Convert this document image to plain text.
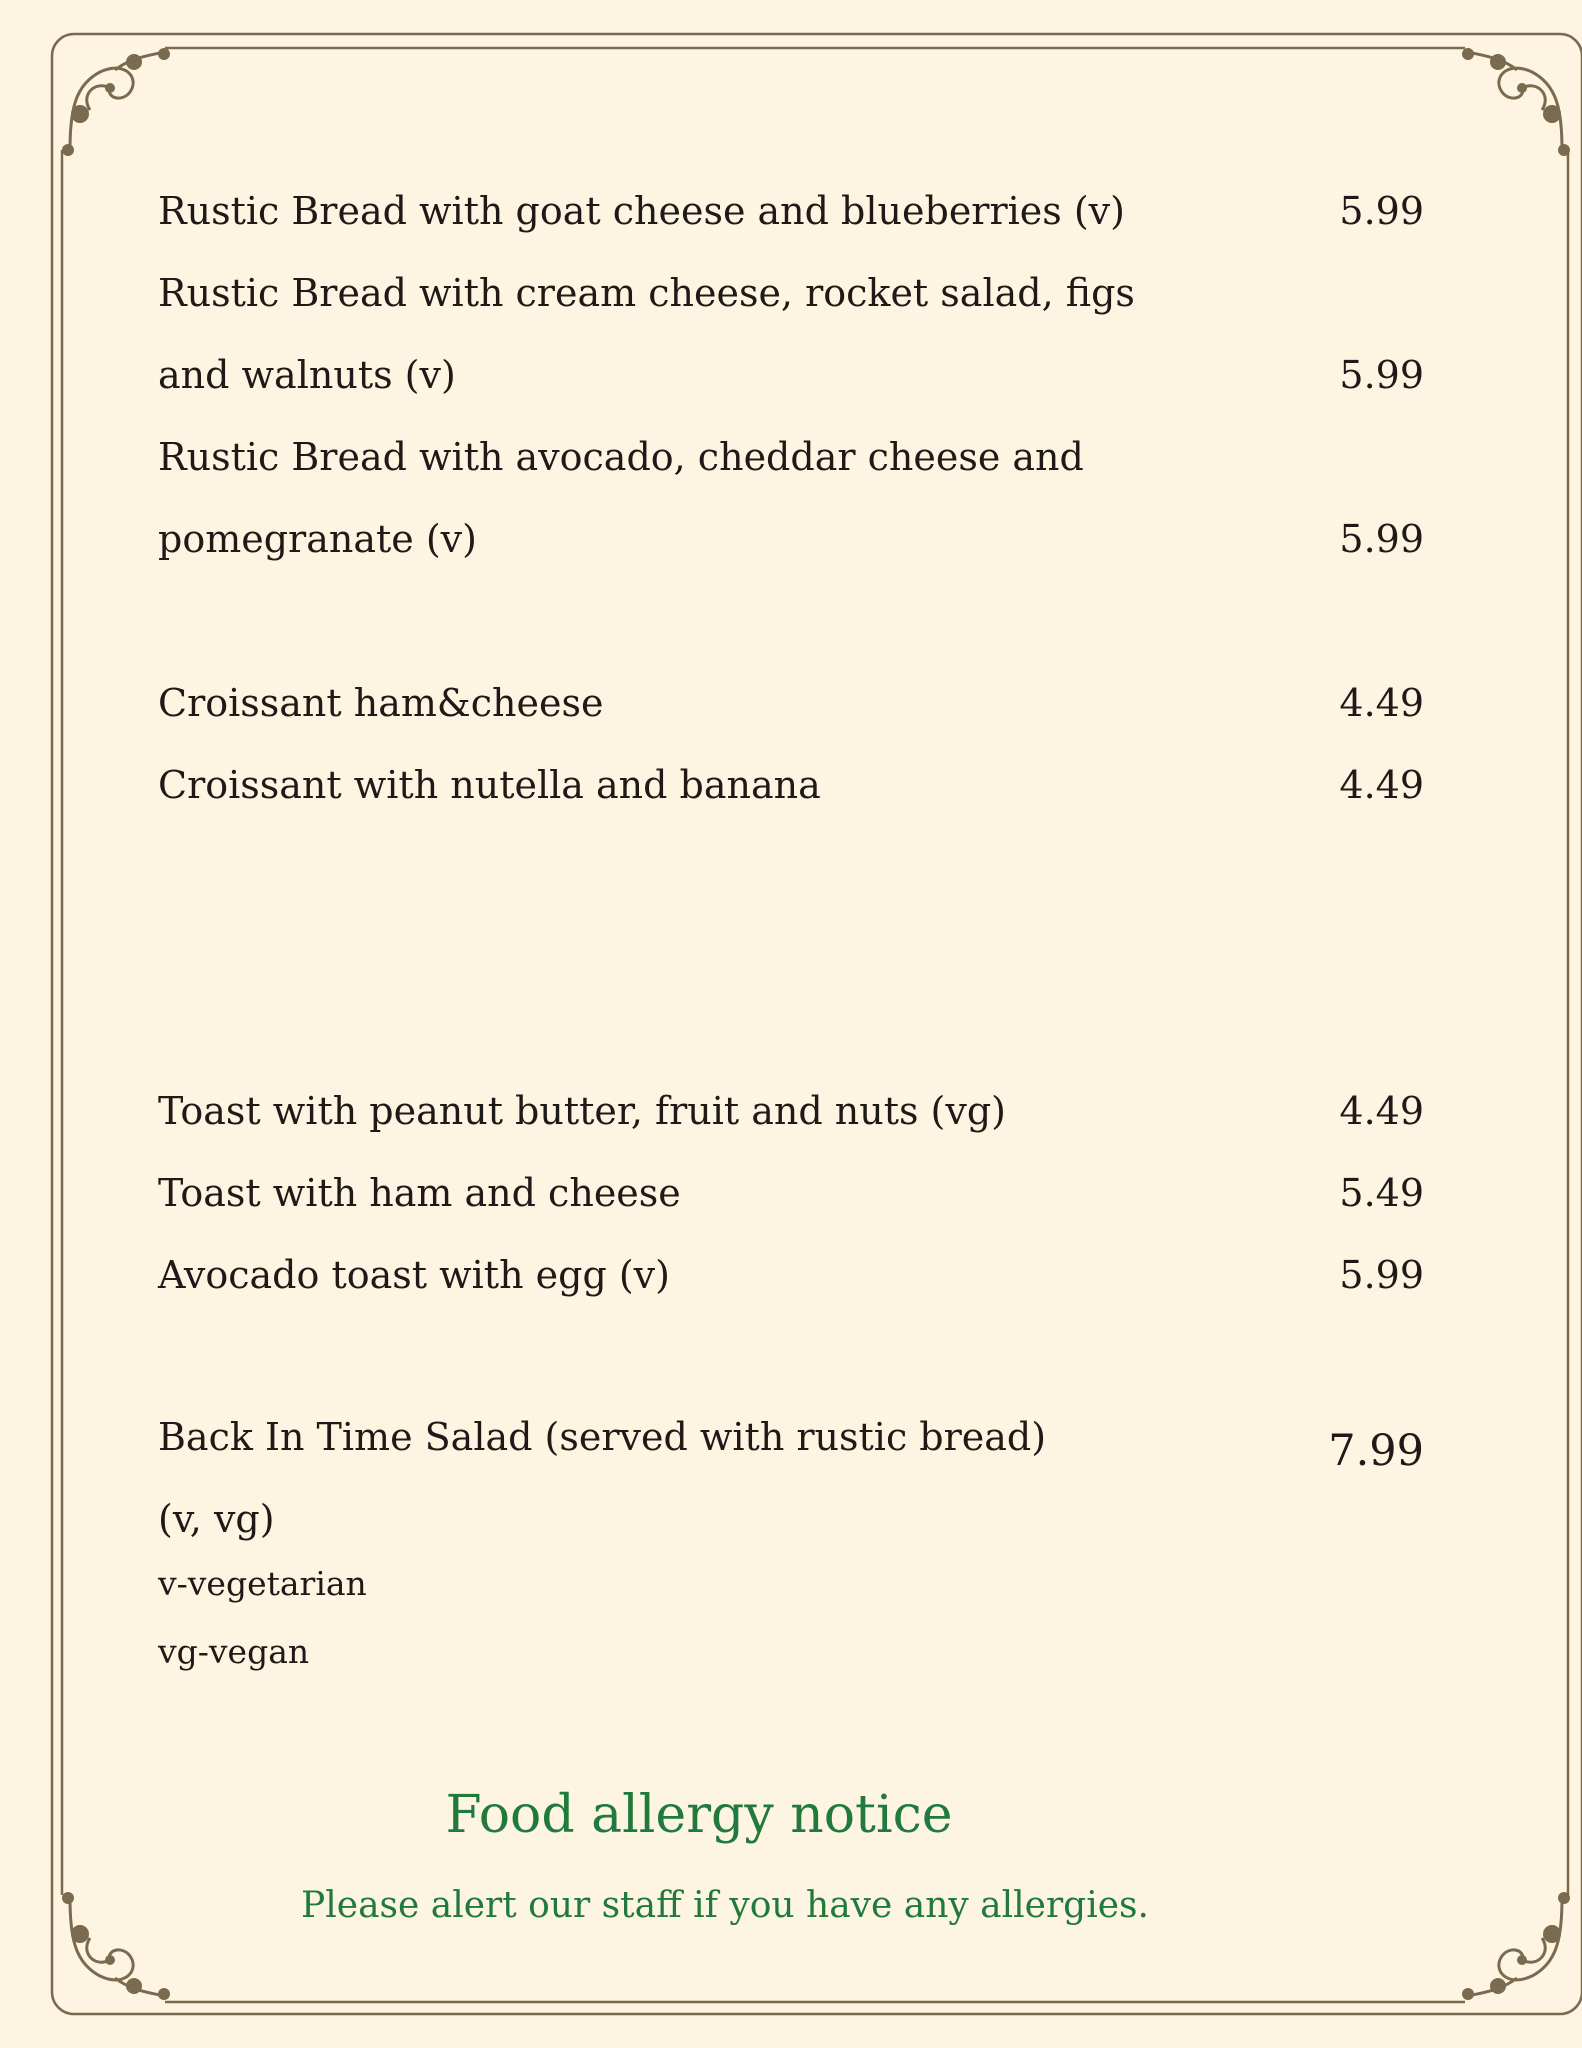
Rustic Bread with goat cheese and blueberries (v)	5.99
Rustic Bread with cream cheese, rocket salad, figs
and walnuts (v)	5.99
Rustic Bread with avocado, cheddar cheese and
pomegranate (v)	5.99
Croissant ham&cheese	4.49
Croissant with nutella and banana	4.49
Toast with peanut butter, fruit and nuts (vg)	4.49
Toast with ham and cheese	5.49
Avocado toast with egg (v)	5.99
Back In Time Salad (served with rustic bread)	7.99
(v, vg)
v-vegetarian
vg-vegan
Food allergy notice
Please alert our staff if you have any allergies.
